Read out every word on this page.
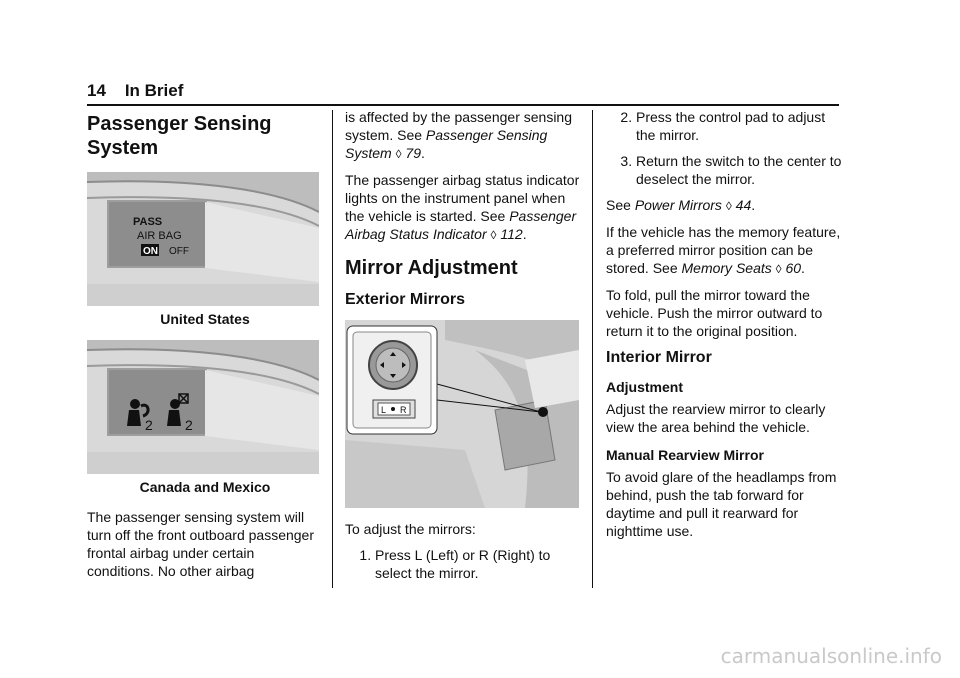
14 In Brief
Passenger Sensing System
PASS
AIR BAG
ON OFF
United States
2 2
Canada and Mexico

The passenger sensing system will turn off the front outboard passenger frontal airbag under certain conditions. No other airbag

is affected by the passenger sensing system. See Passenger Sensing System ◊ 79.

The passenger airbag status indicator lights on the instrument panel when the vehicle is started. See Passenger Airbag Status Indicator ◊ 112.

Mirror Adjustment
Exterior Mirrors
L R

To adjust the mirrors:

1. Press L (Left) or R (Right) to select the mirror.
2. Press the control pad to adjust the mirror.
3. Return the switch to the center to deselect the mirror.

See Power Mirrors ◊ 44.

If the vehicle has the memory feature, a preferred mirror position can be stored. See Memory Seats ◊ 60.

To fold, pull the mirror toward the vehicle. Push the mirror outward to return it to the original position.

Interior Mirror
Adjustment

Adjust the rearview mirror to clearly view the area behind the vehicle.

Manual Rearview Mirror

To avoid glare of the headlamps from behind, push the tab forward for daytime and pull it rearward for nighttime use.

carmanualsonline.info
